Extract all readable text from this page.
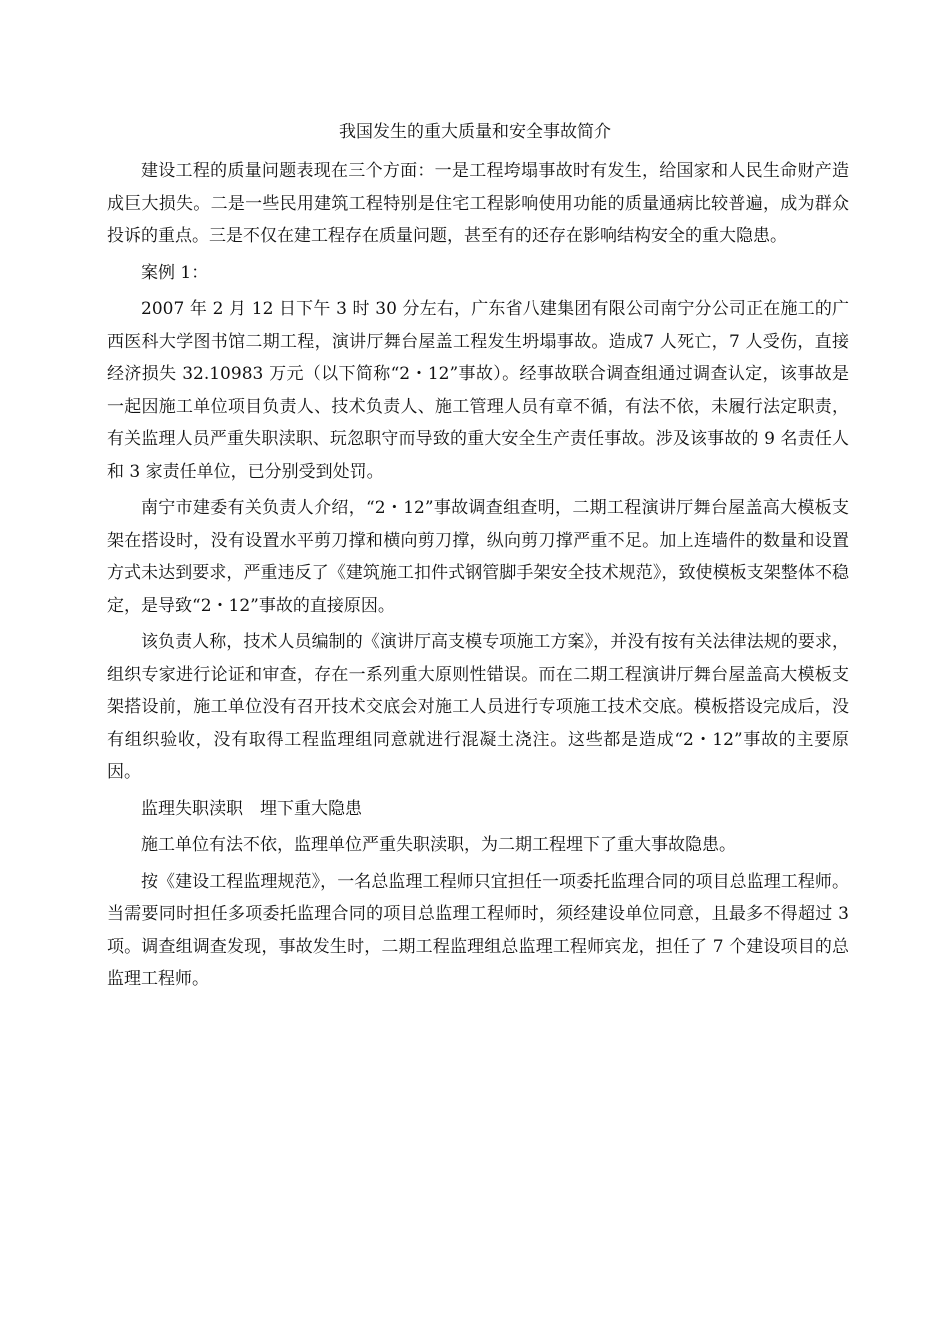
我国发生的重大质量和安全事故简介

建设工程的质量问题表现在三个方面：一是工程垮塌事故时有发生，给国家和人民生命财产造成巨大损失。二是一些民用建筑工程特别是住宅工程影响使用功能的质量通病比较普遍，成为群众投诉的重点。三是不仅在建工程存在质量问题，甚至有的还存在影响结构安全的重大隐患。

案例 1：

2007 年 2 月 12 日下午 3 时 30 分左右，广东省八建集团有限公司南宁分公司正在施工的广西医科大学图书馆二期工程，演讲厅舞台屋盖工程发生坍塌事故。造成7 人死亡，7 人受伤，直接经济损失 32.10983 万元（以下简称“2・12”事故）。经事故联合调查组通过调查认定，该事故是一起因施工单位项目负责人、技术负责人、施工管理人员有章不循，有法不依，未履行法定职责，有关监理人员严重失职渎职、玩忽职守而导致的重大安全生产责任事故。涉及该事故的 9 名责任人和 3 家责任单位，已分别受到处罚。

南宁市建委有关负责人介绍，“2・12”事故调查组查明，二期工程演讲厅舞台屋盖高大模板支架在搭设时，没有设置水平剪刀撑和横向剪刀撑，纵向剪刀撑严重不足。加上连墙件的数量和设置方式未达到要求，严重违反了《建筑施工扣件式钢管脚手架安全技术规范》，致使模板支架整体不稳定，是导致“2・12”事故的直接原因。

该负责人称，技术人员编制的《演讲厅高支模专项施工方案》，并没有按有关法律法规的要求，组织专家进行论证和审查，存在一系列重大原则性错误。而在二期工程演讲厅舞台屋盖高大模板支架搭设前，施工单位没有召开技术交底会对施工人员进行专项施工技术交底。模板搭设完成后，没有组织验收，没有取得工程监理组同意就进行混凝土浇注。这些都是造成“2・12”事故的主要原因。

监理失职渎职　埋下重大隐患

施工单位有法不依，监理单位严重失职渎职，为二期工程埋下了重大事故隐患。

按《建设工程监理规范》，一名总监理工程师只宜担任一项委托监理合同的项目总监理工程师。当需要同时担任多项委托监理合同的项目总监理工程师时，须经建设单位同意，且最多不得超过 3 项。调查组调查发现，事故发生时，二期工程监理组总监理工程师宾龙，担任了 7 个建设项目的总监理工程师。
